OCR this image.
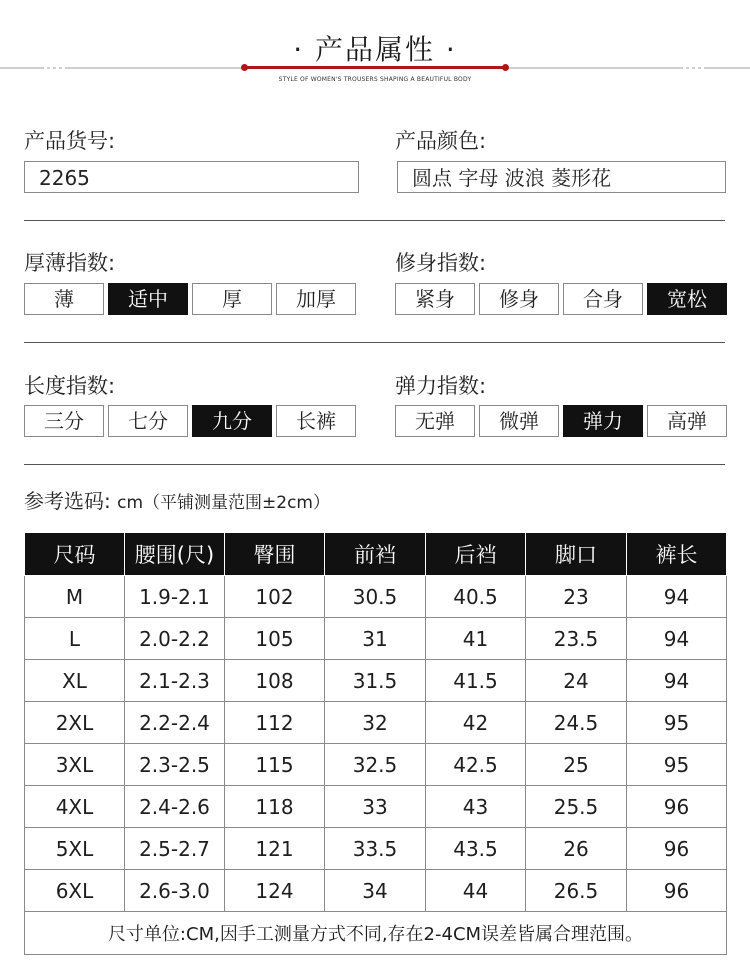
· 产品属性 ·
STYLE OF WOMEN'S TROUSERS SHAPING A BEAUTIFUL BODY
产品货号:
2265
产品颜色:
圆点 字母 波浪 菱形花
厚薄指数:
薄	适中	厚	加厚
修身指数:
紧身	修身	合身	宽松
长度指数:
三分	七分	九分	长裤
弹力指数:
无弹	微弹	弹力	高弹
参考选码: cm（平铺测量范围±2cm）
尺码	腰围(尺)	臀围	前裆	后裆	脚口	裤长
M	1.9-2.1	102	30.5	40.5	23	94
L	2.0-2.2	105	31	41	23.5	94
XL	2.1-2.3	108	31.5	41.5	24	94
2XL	2.2-2.4	112	32	42	24.5	95
3XL	2.3-2.5	115	32.5	42.5	25	95
4XL	2.4-2.6	118	33	43	25.5	96
5XL	2.5-2.7	121	33.5	43.5	26	96
6XL	2.6-3.0	124	34	44	26.5	96
尺寸单位:CM,因手工测量方式不同,存在2-4CM误差皆属合理范围。						
